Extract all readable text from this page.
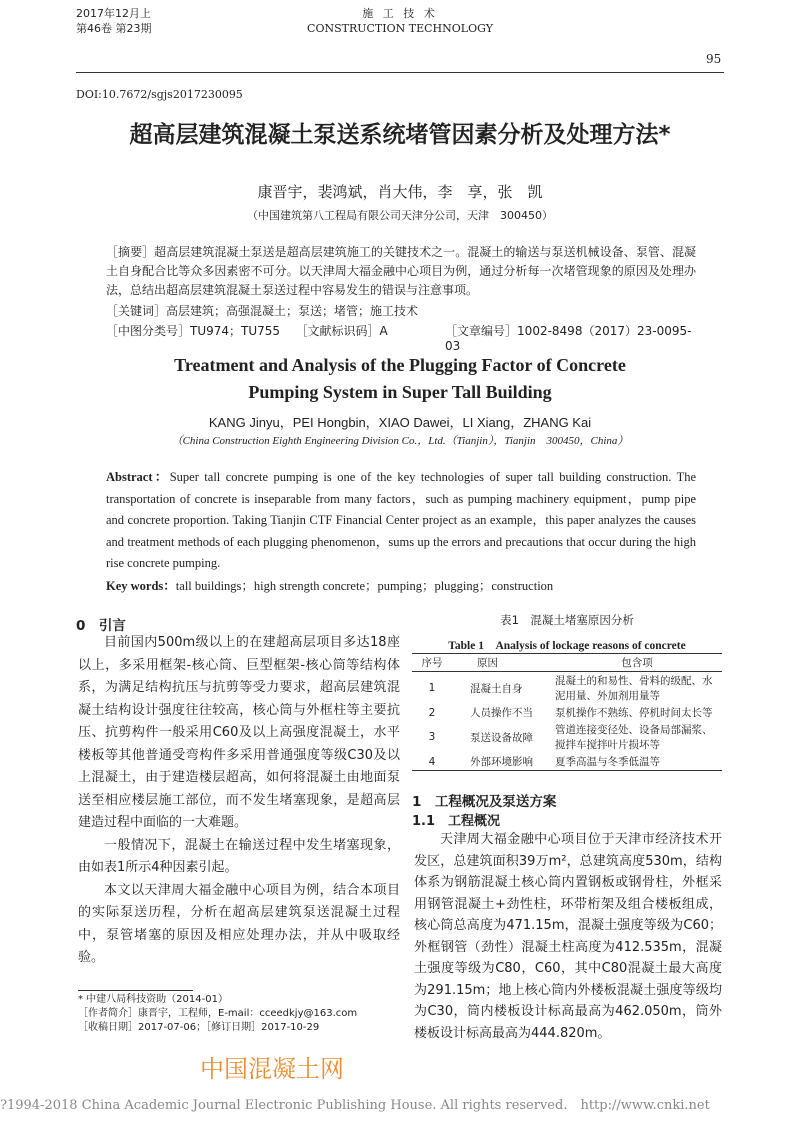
2017年12月上
第46卷 第23期
施 工 技 术
CONSTRUCTION TECHNOLOGY
95
DOI:10.7672/sgjs2017230095
超高层建筑混凝土泵送系统堵管因素分析及处理方法*
康晋宇，裴鸿斌，肖大伟，李　享，张　凯
（中国建筑第八工程局有限公司天津分公司，天津　300450）
［摘要］超高层建筑混凝土泵送是超高层建筑施工的关键技术之一。混凝土的输送与泵送机械设备、泵管、混凝土自身配合比等众多因素密不可分。以天津周大福金融中心项目为例，通过分析每一次堵管现象的原因及处理办法，总结出超高层建筑混凝土泵送过程中容易发生的错误与注意事项。
［关键词］高层建筑；高强混凝土；泵送；堵管；施工技术
［中图分类号］TU974；TU755	［文献标识码］A	［文章编号］1002-8498（2017）23-0095-03
Treatment and Analysis of the Plugging Factor of Concrete
Pumping System in Super Tall Building
KANG Jinyu，PEI Hongbin，XIAO Dawei，LI Xiang，ZHANG Kai
（China Construction Eighth Engineering Division Co.，Ltd.（Tianjin），Tianjin　300450，China）
Abstract：Super tall concrete pumping is one of the key technologies of super tall building construction. The transportation of concrete is inseparable from many factors，such as pumping machinery equipment，pump pipe and concrete proportion. Taking Tianjin CTF Financial Center project as an example，this paper analyzes the causes and treatment methods of each plugging phenomenon，sums up the errors and precautions that occur during the high rise concrete pumping.
Key words：tall buildings；high strength concrete；pumping；plugging；construction
0　引言

目前国内500m级以上的在建超高层项目多达18座以上，多采用框架-核心筒、巨型框架-核心筒等结构体系，为满足结构抗压与抗剪等受力要求，超高层建筑混凝土结构设计强度往往较高，核心筒与外框柱等主要抗压、抗剪构件一般采用C60及以上高强度混凝土，水平楼板等其他普通受弯构件多采用普通强度等级C30及以上混凝土，由于建造楼层超高，如何将混凝土由地面泵送至相应楼层施工部位，而不发生堵塞现象，是超高层建造过程中面临的一大难题。

一般情况下，混凝土在输送过程中发生堵塞现象，由如表1所示4种因素引起。

本文以天津周大福金融中心项目为例，结合本项目的实际泵送历程，分析在超高层建筑泵送混凝土过程中，泵管堵塞的原因及相应处理办法，并从中吸取经验。

表1　混凝土堵塞原因分析
Table 1　Analysis of lockage reasons of concrete
序号	原因	包含项
1	混凝土自身	混凝土的和易性、骨料的级配、水泥用量、外加剂用量等
2	人员操作不当	泵机操作不熟练、停机时间太长等
3	泵送设备故障	管道连接变径处、设备局部漏浆、搅拌车搅拌叶片损坏等
4	外部环境影响	夏季高温与冬季低温等
1　工程概况及泵送方案
1.1　工程概况

天津周大福金融中心项目位于天津市经济技术开发区，总建筑面积39万m²，总建筑高度530m，结构体系为钢筋混凝土核心筒内置钢板或钢骨柱，外框采用钢管混凝土+劲性柱，环带桁架及组合楼板组成，核心筒总高度为471.15m，混凝土强度等级为C60；外框钢管（劲性）混凝土柱高度为412.535m，混凝土强度等级为C80，C60，其中C80混凝土最大高度为291.15m；地上核心筒内外楼板混凝土强度等级均为C30，筒内楼板设计标高最高为462.050m，筒外楼板设计标高最高为444.820m。

* 中建八局科技资助（2014-01）
［作者简介］康晋宇，工程师，E-mail：cceedkjy@163.com
［收稿日期］2017-07-06；［修订日期］2017-10-29
中国混凝土网
?1994-2018 China Academic Journal Electronic Publishing House. All rights reserved.　http://www.cnki.net
